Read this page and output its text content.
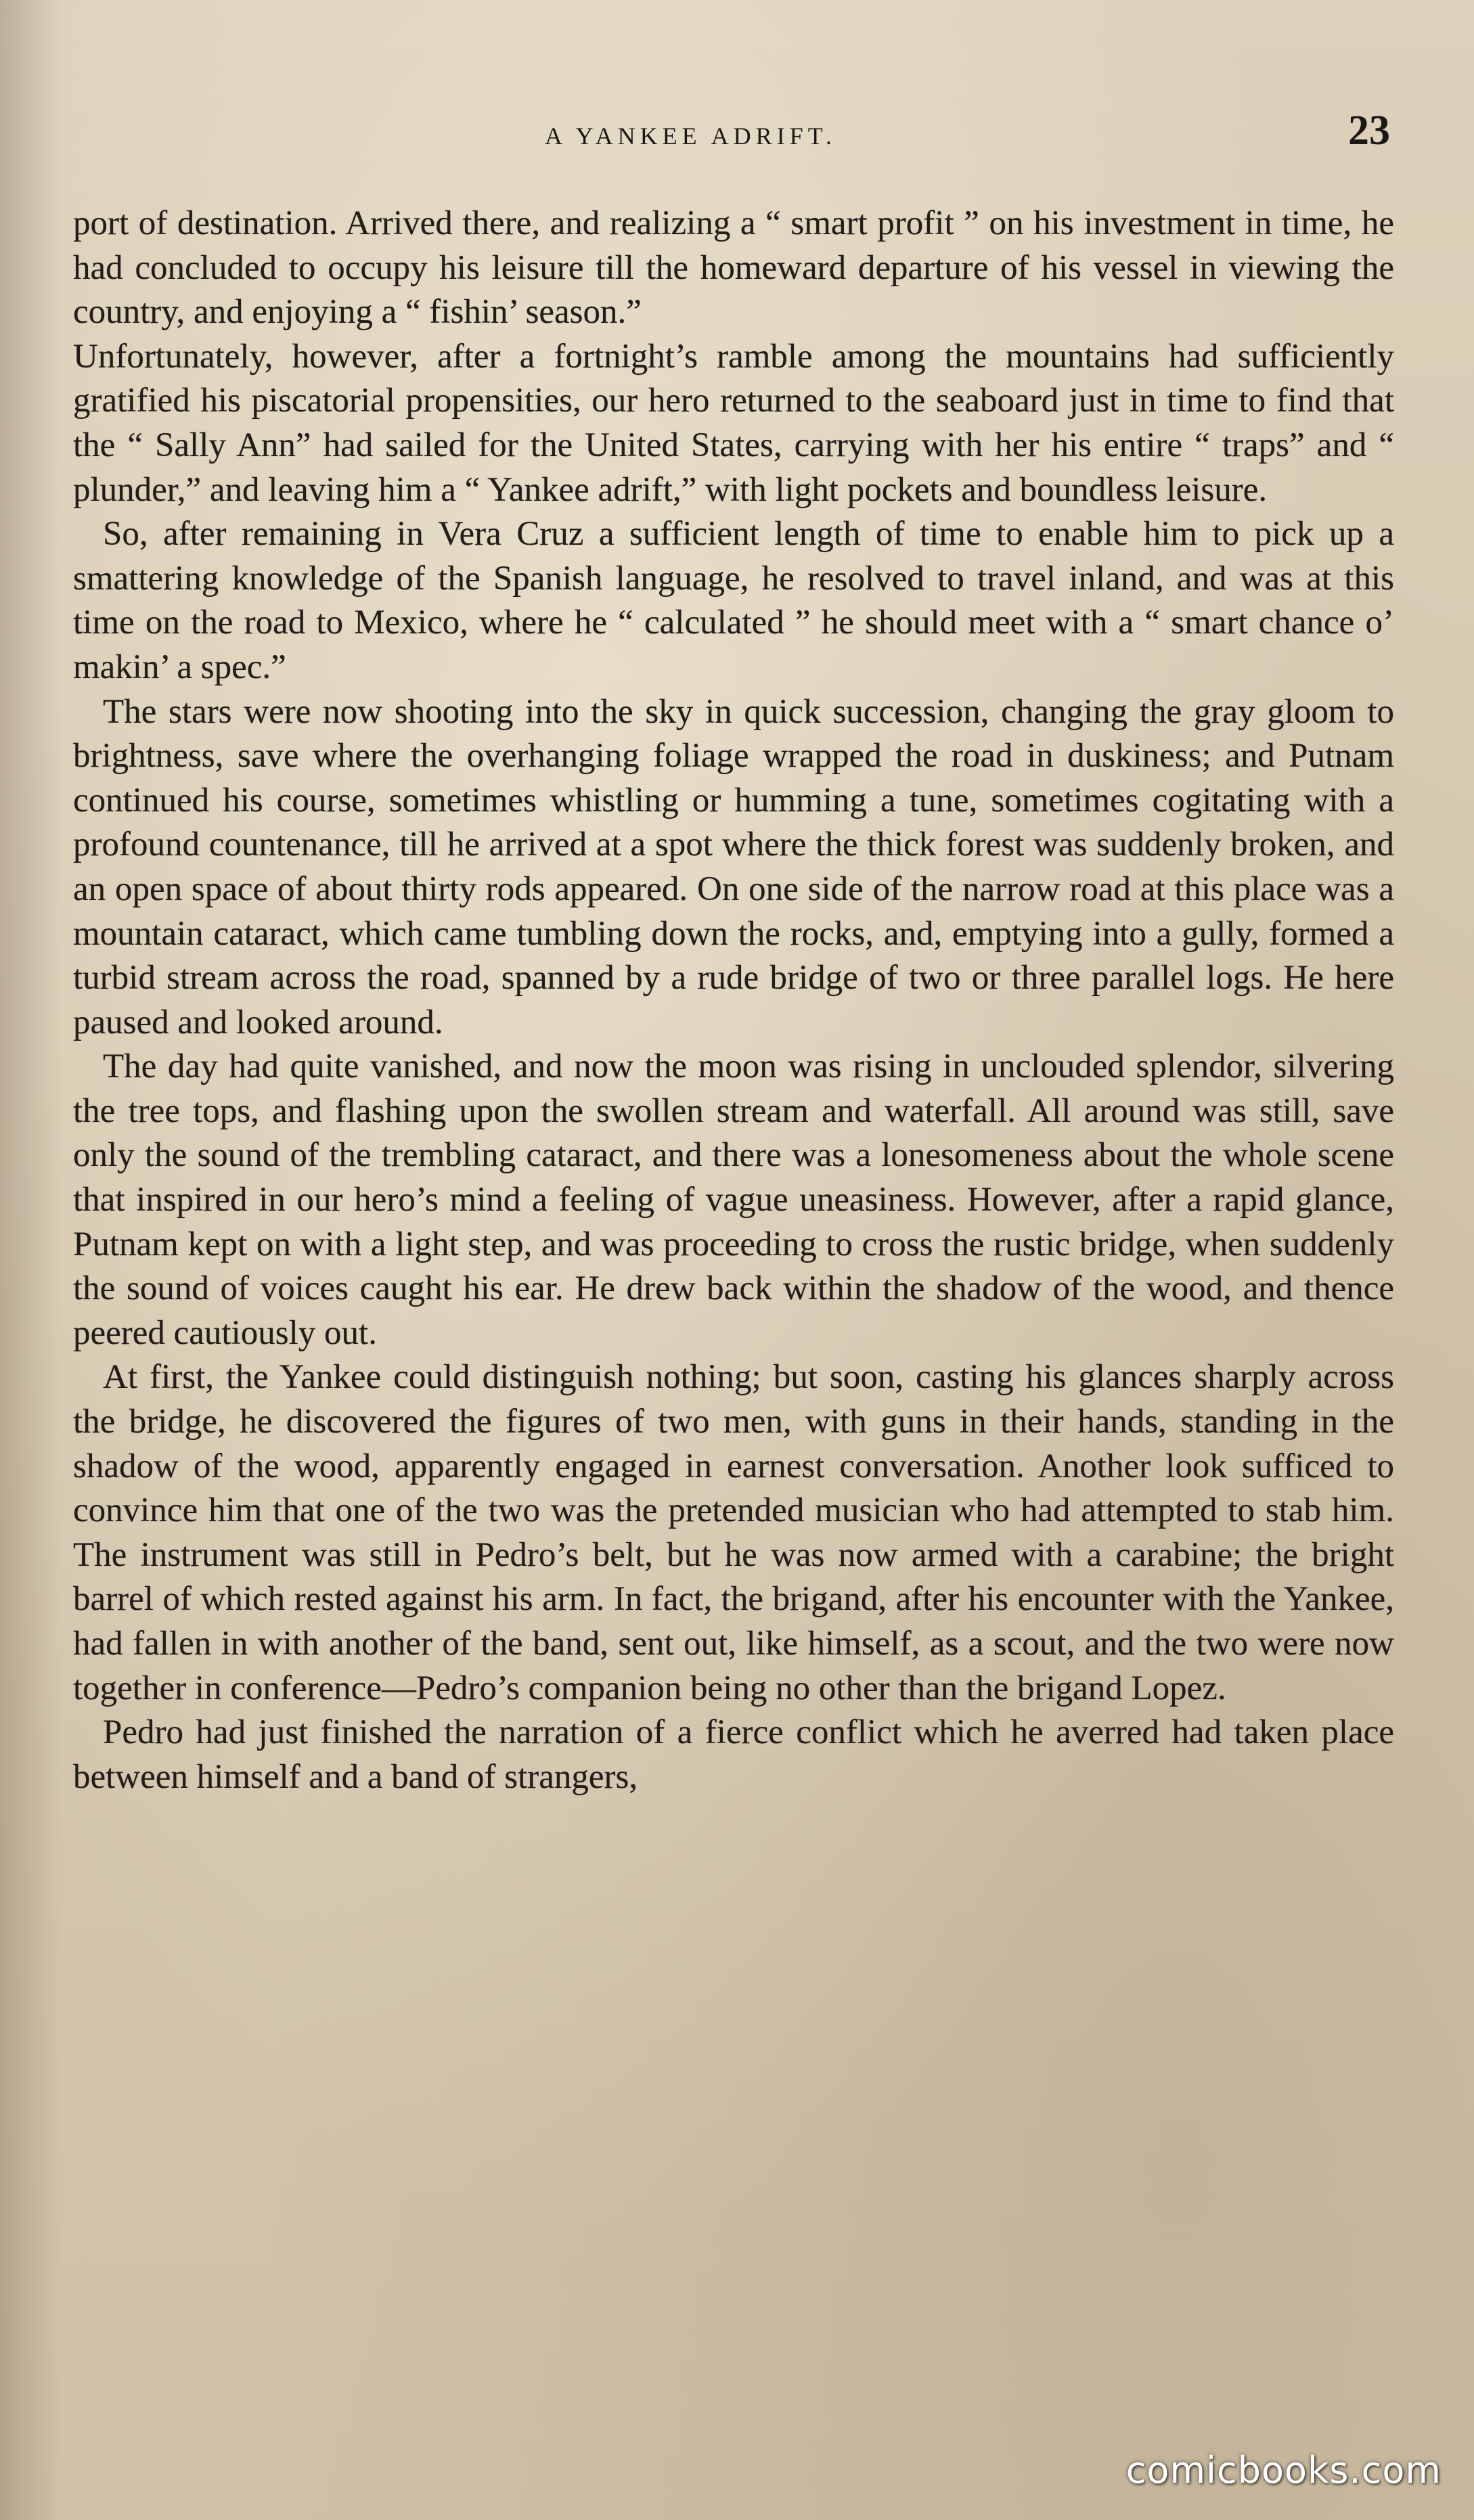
A YANKEE ADRIFT.	23

port of destination. Arrived there, and realizing a “ smart profit ” on his investment in time, he had concluded to occupy his leisure till the homeward departure of his vessel in viewing the country, and enjoying a “ fishin’ season.”

Unfortunately, however, after a fortnight’s ramble among the mountains had sufficiently gratified his piscatorial propensities, our hero returned to the seaboard just in time to find that the “ Sally Ann” had sailed for the United States, carrying with her his entire “ traps” and “ plunder,” and leaving him a “ Yankee adrift,” with light pockets and boundless leisure.

So, after remaining in Vera Cruz a sufficient length of time to enable him to pick up a smattering knowledge of the Spanish language, he resolved to travel inland, and was at this time on the road to Mexico, where he “ calculated ” he should meet with a “ smart chance o’ makin’ a spec.”

The stars were now shooting into the sky in quick succession, changing the gray gloom to brightness, save where the overhanging foliage wrapped the road in duskiness; and Putnam continued his course, sometimes whistling or humming a tune, sometimes cogitating with a profound countenance, till he arrived at a spot where the thick forest was suddenly broken, and an open space of about thirty rods appeared. On one side of the narrow road at this place was a mountain cataract, which came tumbling down the rocks, and, emptying into a gully, formed a turbid stream across the road, spanned by a rude bridge of two or three parallel logs. He here paused and looked around.

The day had quite vanished, and now the moon was rising in unclouded splendor, silvering the tree tops, and flashing upon the swollen stream and waterfall. All around was still, save only the sound of the trembling cataract, and there was a lonesomeness about the whole scene that inspired in our hero’s mind a feeling of vague uneasiness. However, after a rapid glance, Putnam kept on with a light step, and was proceeding to cross the rustic bridge, when suddenly the sound of voices caught his ear. He drew back within the shadow of the wood, and thence peered cautiously out.

At first, the Yankee could distinguish nothing; but soon, casting his glances sharply across the bridge, he discovered the figures of two men, with guns in their hands, standing in the shadow of the wood, apparently engaged in earnest conversation. Another look sufficed to convince him that one of the two was the pretended musician who had attempted to stab him. The instrument was still in Pedro’s belt, but he was now armed with a carabine; the bright barrel of which rested against his arm. In fact, the brigand, after his encounter with the Yankee, had fallen in with another of the band, sent out, like himself, as a scout, and the two were now together in conference—Pedro’s companion being no other than the brigand Lopez.

Pedro had just finished the narration of a fierce conflict which he averred had taken place between himself and a band of strangers,

comicbooks.com
